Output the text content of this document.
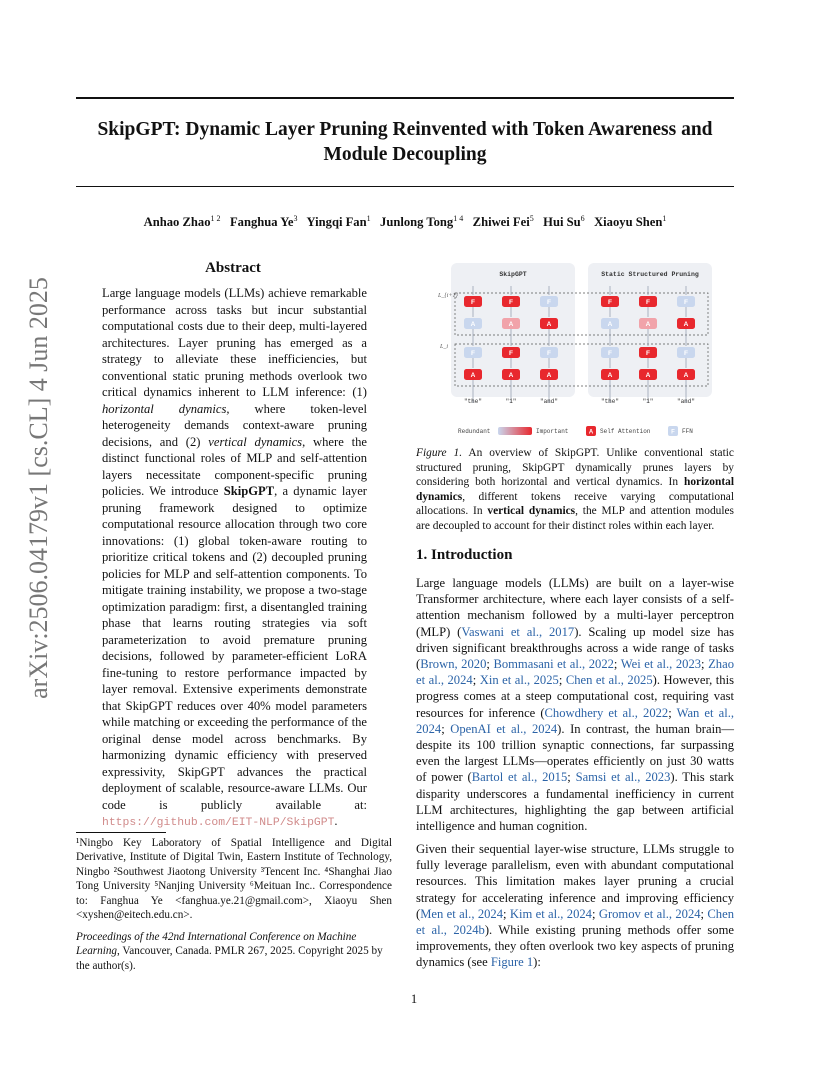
SkipGPT: Dynamic Layer Pruning Reinvented with Token Awareness and
Module Decoupling
Anhao Zhao$^{1 2}$ Fanghua Ye$^3$ Yingqi Fan$^1$ Junlong Tong$^{1 4}$ Zhiwei Fei$^5$ Hui Su$^6$ Xiaoyu Shen$^1$
arXiv:2506.04179v1 [cs.CL] 4 Jun 2025
Abstract
Large language models (LLMs) achieve remarkable performance across tasks but incur substantial computational costs due to their deep, multi-layered architectures. Layer pruning has emerged as a strategy to alleviate these inefficiencies, but conventional static pruning methods overlook two critical dynamics inherent to LLM inference: (1) horizontal dynamics, where token-level heterogeneity demands context-aware pruning decisions, and (2) vertical dynamics, where the distinct functional roles of MLP and self-attention layers necessitate component-specific pruning policies. We introduce SkipGPT, a dynamic layer pruning framework designed to optimize computational resource allocation through two core innovations: (1) global token-aware routing to prioritize critical tokens and (2) decoupled pruning policies for MLP and self-attention components. To mitigate training instability, we propose a two-stage optimization paradigm: first, a disentangled training phase that learns routing strategies via soft parameterization to avoid premature pruning decisions, followed by parameter-efficient LoRA fine-tuning to restore performance impacted by layer removal. Extensive experiments demonstrate that SkipGPT reduces over 40% model parameters while matching or exceeding the performance of the original dense model across benchmarks. By harmonizing dynamic efficiency with preserved expressivity, SkipGPT advances the practical deployment of scalable, resource-aware LLMs. Our code is publicly available at: https://github.com/EIT-NLP/SkipGPT.
¹Ningbo Key Laboratory of Spatial Intelligence and Digital Derivative, Institute of Digital Twin, Eastern Institute of Technology, Ningbo ²Southwest Jiaotong University ³Tencent Inc. ⁴Shanghai Jiao Tong University ⁵Nanjing University ⁶Meituan Inc.. Correspondence to: Fanghua Ye <fanghua.ye.21@gmail.com>, Xiaoyu Shen <xyshen@eitech.edu.cn>.
Proceedings of the 42nd International Conference on Machine Learning, Vancouver, Canada. PMLR 267, 2025. Copyright 2025 by the author(s).
SkipGPT	Static Structured Pruning
L_{i+1}
L_i
F	F	F	F	F	F
A	A	A	A	A	A
F	F	F	F	F	F
A	A	A	A	A	A
"the"	"1"	"and"	"the"	"1"	"and"
Redundant	Important	A Self Attention	F FFN
Figure 1. An overview of SkipGPT. Unlike conventional static structured pruning, SkipGPT dynamically prunes layers by considering both horizontal and vertical dynamics. In horizontal dynamics, different tokens receive varying computational allocations. In vertical dynamics, the MLP and attention modules are decoupled to account for their distinct roles within each layer.
1. Introduction
Large language models (LLMs) are built on a layer-wise Transformer architecture, where each layer consists of a self-attention mechanism followed by a multi-layer perceptron (MLP) (Vaswani et al., 2017). Scaling up model size has driven significant breakthroughs across a wide range of tasks (Brown, 2020; Bommasani et al., 2022; Wei et al., 2023; Zhao et al., 2024; Xin et al., 2025; Chen et al., 2025). However, this progress comes at a steep computational cost, requiring vast resources for inference (Chowdhery et al., 2022; Wan et al., 2024; OpenAI et al., 2024). In contrast, the human brain—despite its 100 trillion synaptic connections, far surpassing even the largest LLMs—operates efficiently on just 30 watts of power (Bartol et al., 2015; Samsi et al., 2023). This stark disparity underscores a fundamental inefficiency in current LLM architectures, highlighting the gap between artificial intelligence and human cognition.
Given their sequential layer-wise structure, LLMs struggle to fully leverage parallelism, even with abundant computational resources. This limitation makes layer pruning a crucial strategy for accelerating inference and improving efficiency (Men et al., 2024; Kim et al., 2024; Gromov et al., 2024; Chen et al., 2024b). While existing pruning methods offer some improvements, they often overlook two key aspects of pruning dynamics (see Figure 1):
1
